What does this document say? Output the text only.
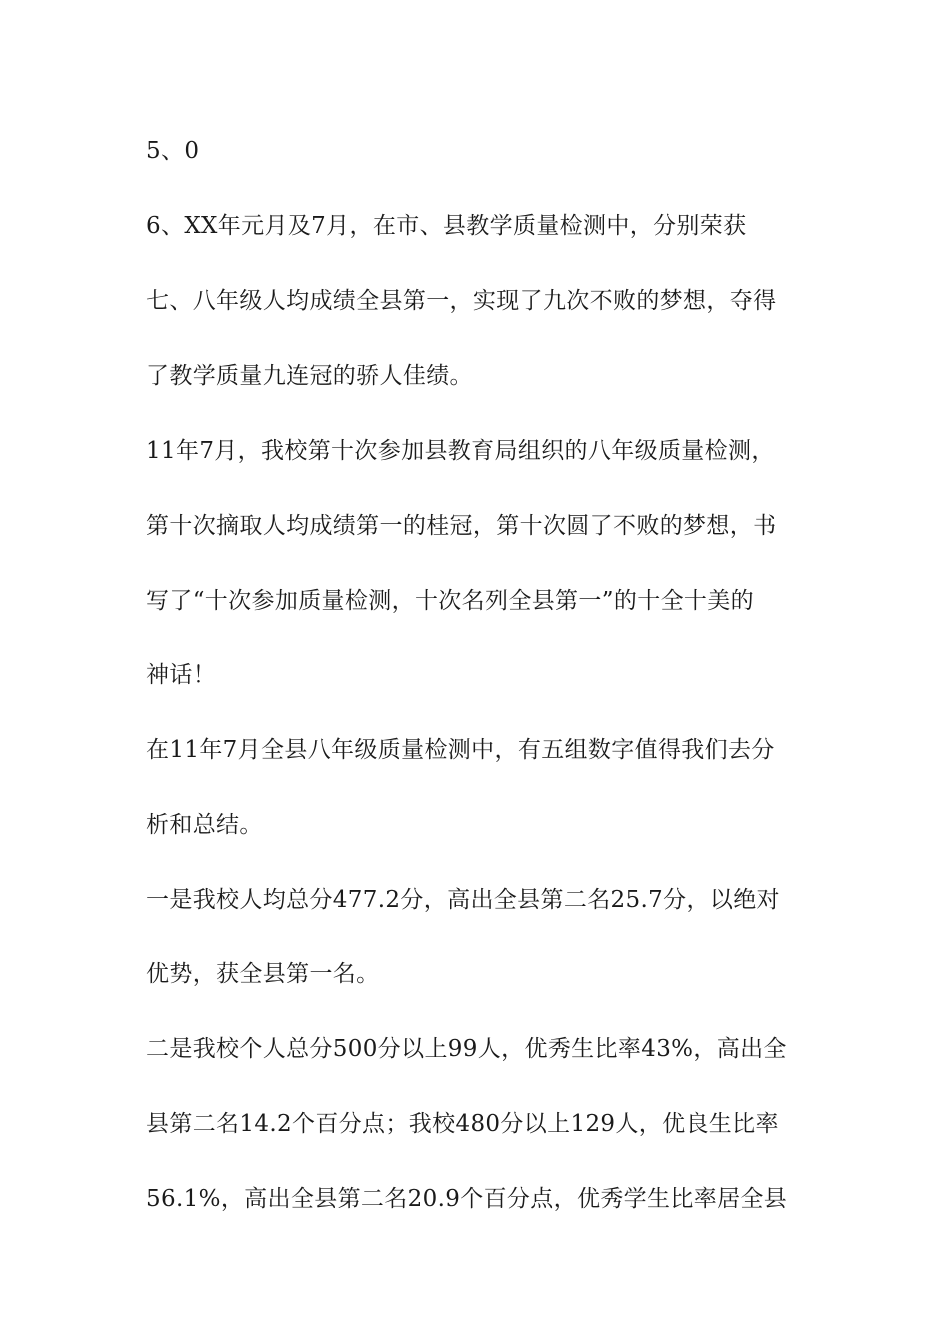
5、0
6、XX年元月及7月，在市、县教学质量检测中，分别荣获
七、八年级人均成绩全县第一，实现了九次不败的梦想，夺得
了教学质量九连冠的骄人佳绩。
11年7月，我校第十次参加县教育局组织的八年级质量检测，
第十次摘取人均成绩第一的桂冠，第十次圆了不败的梦想，书
写了“十次参加质量检测，十次名列全县第一”的十全十美的
神话！
在11年7月全县八年级质量检测中，有五组数字值得我们去分
析和总结。
一是我校人均总分477.2分，高出全县第二名25.7分，以绝对
优势，获全县第一名。
二是我校个人总分500分以上99人，优秀生比率43%，高出全
县第二名14.2个百分点；我校480分以上129人，优良生比率
56.1%，高出全县第二名20.9个百分点，优秀学生比率居全县
